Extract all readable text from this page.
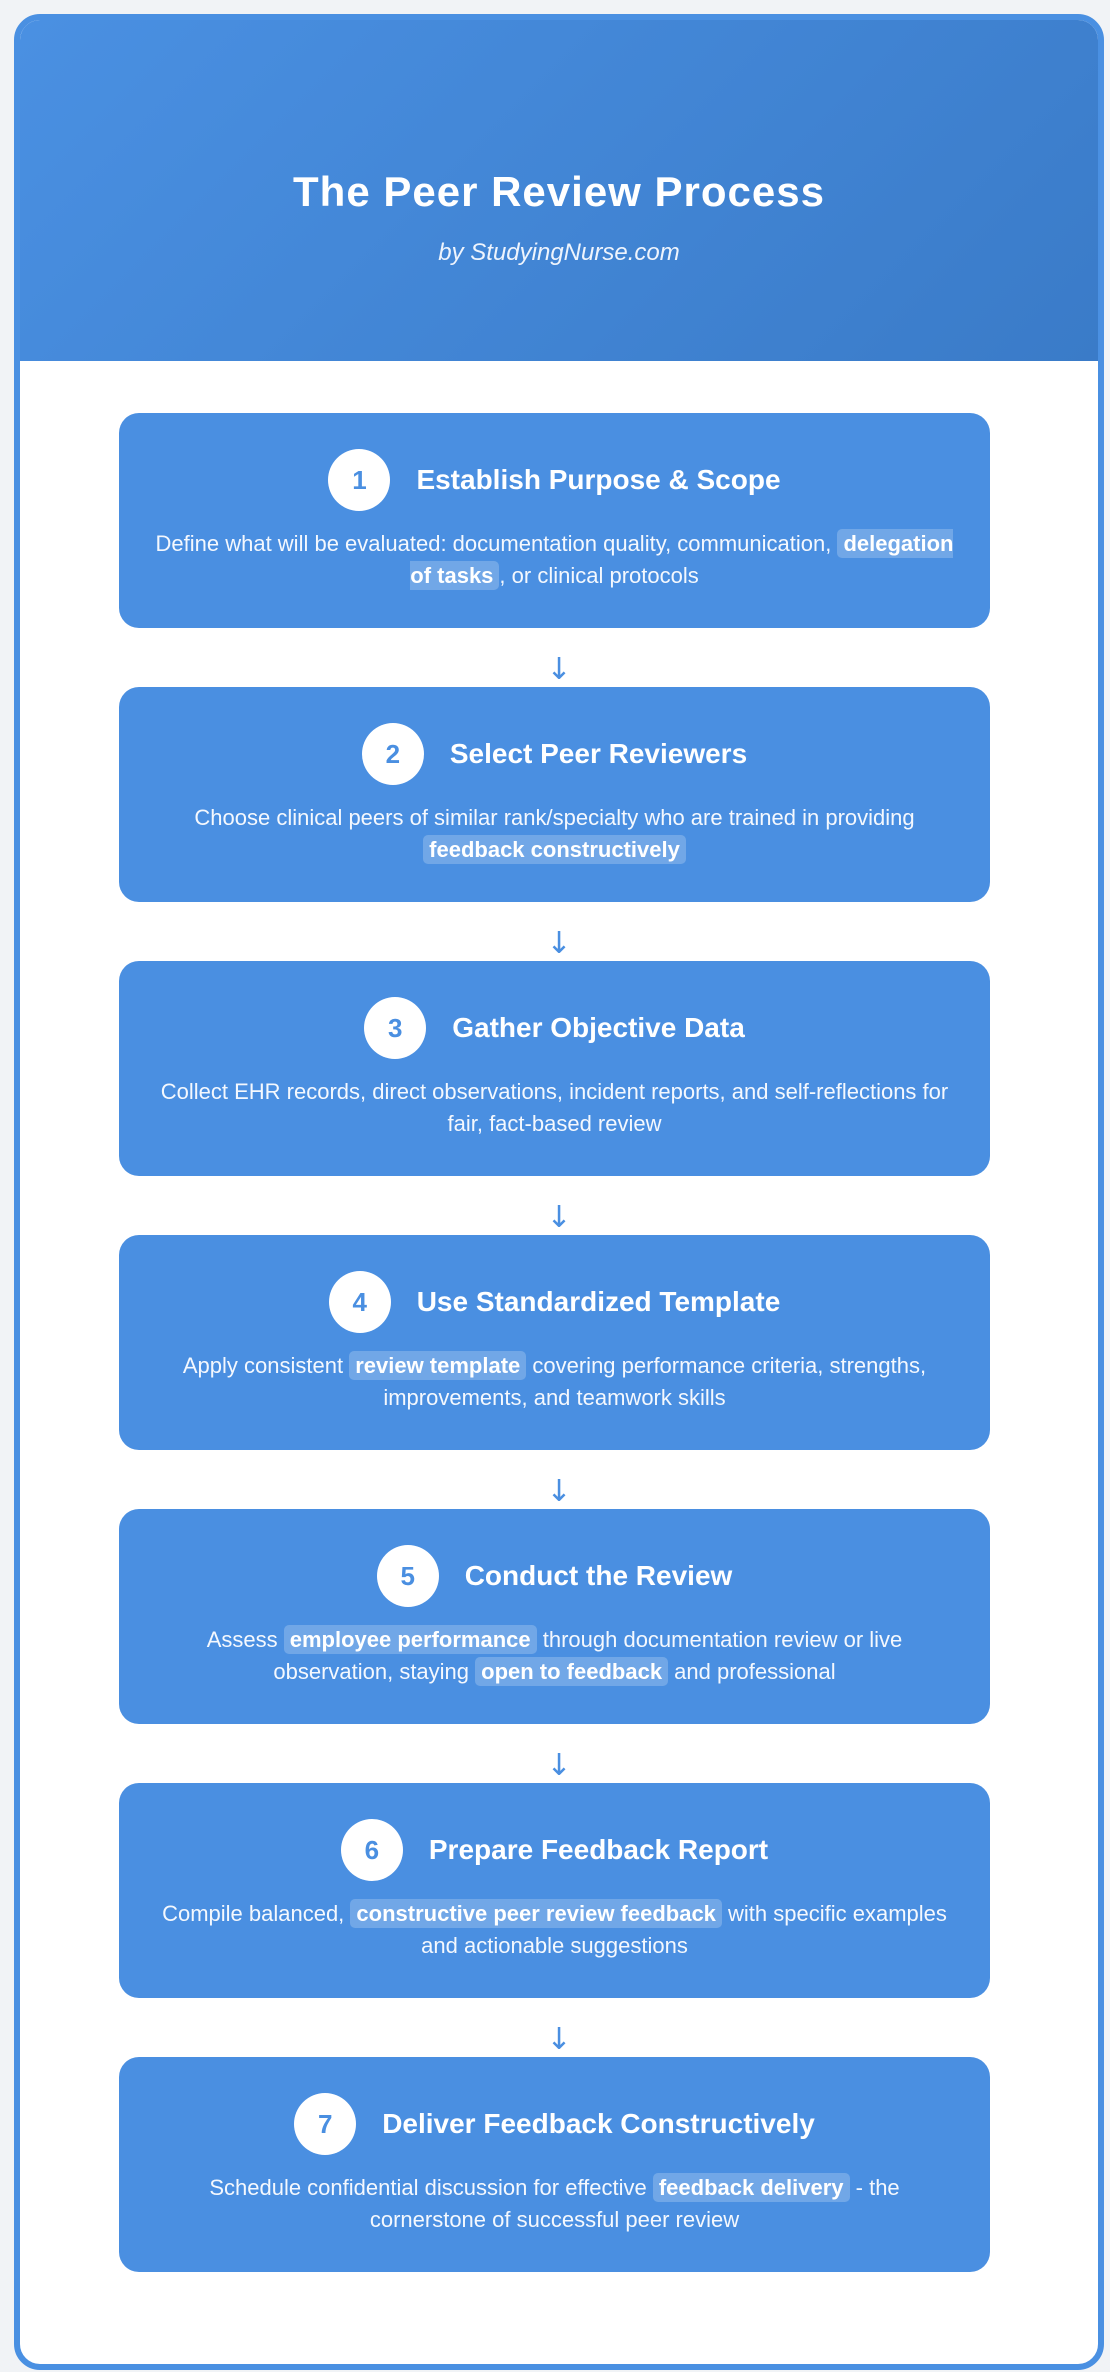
The Peer Review Process
by StudyingNurse.com
1	Establish Purpose & Scope
Define what will be evaluated: documentation quality, communication, delegation of tasks , or clinical protocols
↓
2	Select Peer Reviewers
Choose clinical peers of similar rank/specialty who are trained in providing feedback constructively
↓
3	Gather Objective Data
Collect EHR records, direct observations, incident reports, and self-reflections for fair, fact-based review
↓
4	Use Standardized Template
Apply consistent review template covering performance criteria, strengths, improvements, and teamwork skills
↓
5	Conduct the Review
Assess employee performance through documentation review or live observation, staying open to feedback and professional
↓
6	Prepare Feedback Report
Compile balanced, constructive peer review feedback with specific examples and actionable suggestions
↓
7	Deliver Feedback Constructively
Schedule confidential discussion for effective feedback delivery - the cornerstone of successful peer review
